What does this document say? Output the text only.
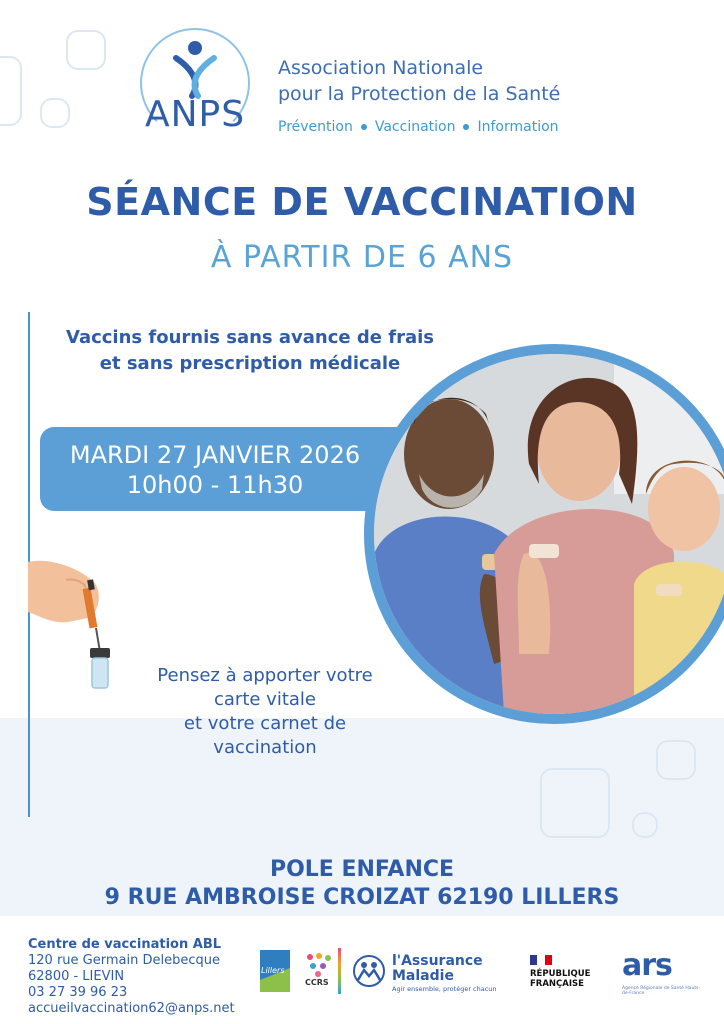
ANPS
Association Nationale
pour la Protection de la Santé
Prévention Vaccination Information
SÉANCE DE VACCINATION
À PARTIR DE 6 ANS
Vaccins fournis sans avance de frais
et sans prescription médicale
MARDI 27 JANVIER 2026
10h00 - 11h30
Pensez à apporter votre
carte vitale
et votre carnet de
vaccination
POLE ENFANCE
9 RUE AMBROISE CROIZAT 62190 LILLERS
Centre de vaccination ABL
120 rue Germain Delebecque
62800 - LIEVIN
03 27 39 96 23
accueilvaccination62@anps.net
Lillers
CCRS
l'Assurance
Maladie
Agir ensemble, protéger chacun
RÉPUBLIQUE
FRANÇAISE
ars
Agence Régionale de Santé Hauts-de-France
